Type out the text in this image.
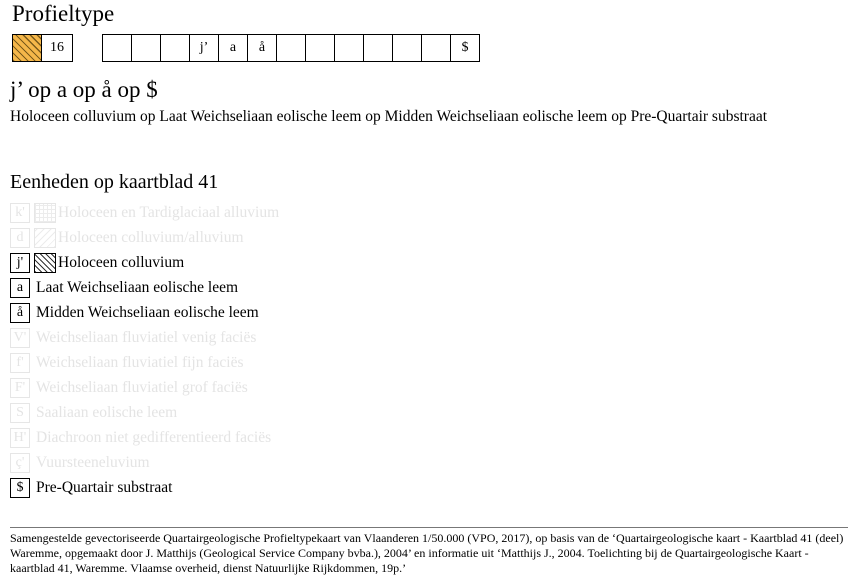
Profieltype
16	j’	a	å	$
j’ op a op å op $
Holoceen colluvium op Laat Weichseliaan eolische leem op Midden Weichseliaan eolische leem op Pre-Quartair substraat
Eenheden op kaartblad 41
k'	Holoceen en Tardiglaciaal alluvium
d	Holoceen colluvium/alluvium
j'	Holoceen colluvium
a Laat Weichseliaan eolische leem
å Midden Weichseliaan eolische leem
V' Weichseliaan fluviatiel venig faciës
f' Weichseliaan fluviatiel fijn faciës
F' Weichseliaan fluviatiel grof faciës
S Saaliaan eolische leem
H' Diachroon niet gedifferentieerd faciës
ç' Vuursteeneluvium
$ Pre-Quartair substraat
Samengestelde gevectoriseerde Quartairgeologische Profieltypekaart van Vlaanderen 1/50.000 (VPO, 2017), op basis van de ‘Quartairgeologische kaart - Kaartblad 41 (deel) Waremme, opgemaakt door J. Matthijs (Geological Service Company bvba.), 2004’ en informatie uit ‘Matthijs J., 2004. Toelichting bij de Quartairgeologische Kaart - kaartblad 41, Waremme. Vlaamse overheid, dienst Natuurlijke Rijkdommen, 19p.’
